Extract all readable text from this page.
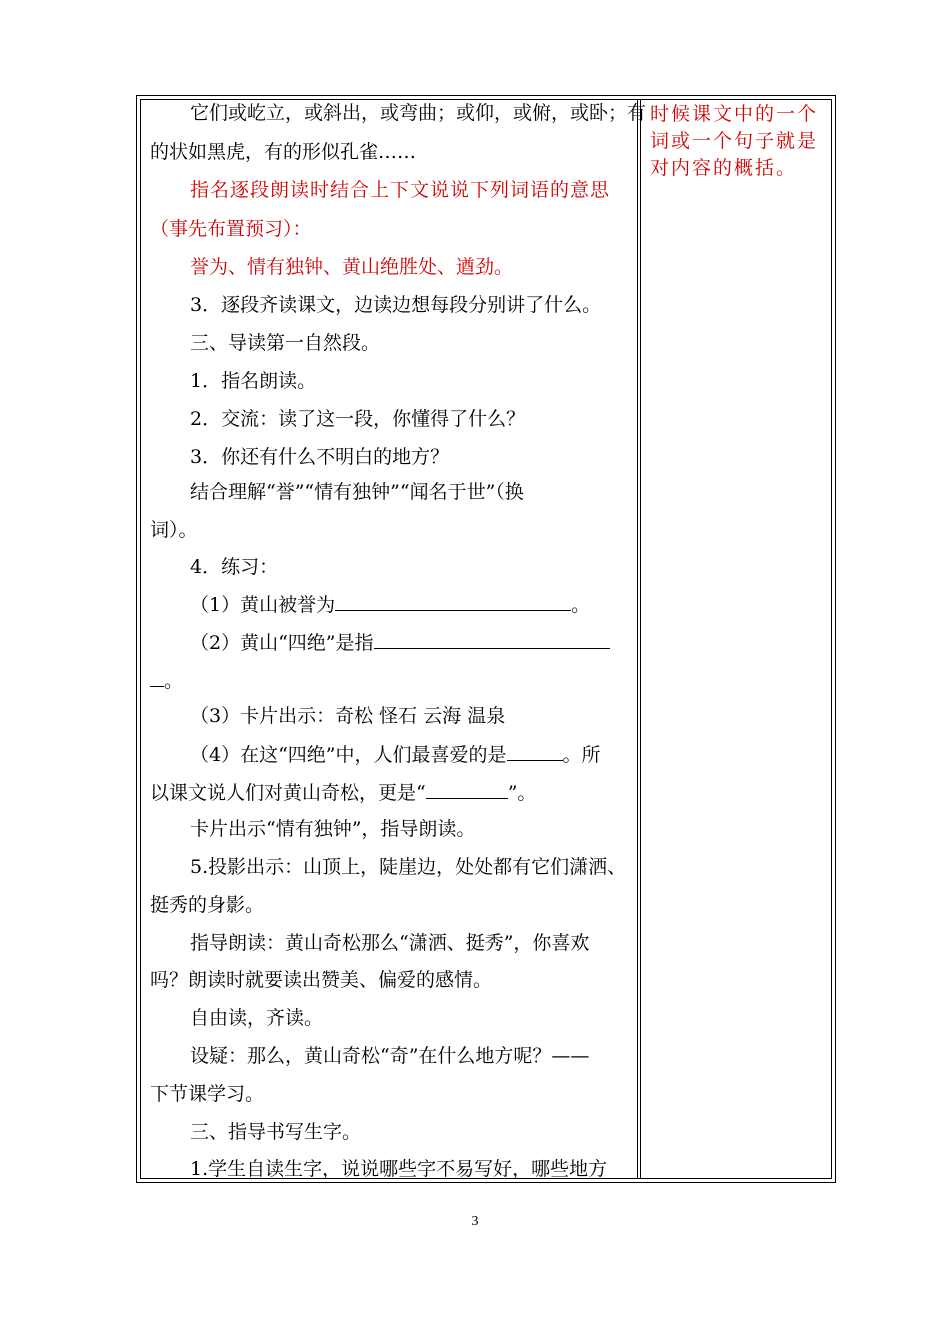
它们或屹立，或斜出，或弯曲；或仰，或俯，或卧；有
的状如黑虎，有的形似孔雀……
指名逐段朗读时结合上下文说说下列词语的意思
（事先布置预习）：
誉为、情有独钟、黄山绝胜处、遒劲。
3．逐段齐读课文，边读边想每段分别讲了什么。
三、导读第一自然段。
1．指名朗读。
2．交流：读了这一段，你懂得了什么？
3．你还有什么不明白的地方？
结合理解“誉”“情有独钟”“闻名于世”（换
词）。
4．练习：
（1）黄山被誉为	。
（2）黄山“四绝”是指
。
（3）卡片出示：奇松 怪石 云海 温泉
（4）在这“四绝”中，人们最喜爱的是	。所
以课文说人们对黄山奇松，更是“	”。
卡片出示“情有独钟”，指导朗读。
5.投影出示：山顶上，陡崖边，处处都有它们潇洒、
挺秀的身影。
指导朗读：黄山奇松那么“潇洒、挺秀”，你喜欢
吗？朗读时就要读出赞美、偏爱的感情。
自由读，齐读。
设疑：那么，黄山奇松“奇”在什么地方呢？——
下节课学习。
三、指导书写生字。
1.学生自读生字，说说哪些字不易写好，哪些地方
时候课文中的一个
词或一个句子就是
对内容的概括。
3
